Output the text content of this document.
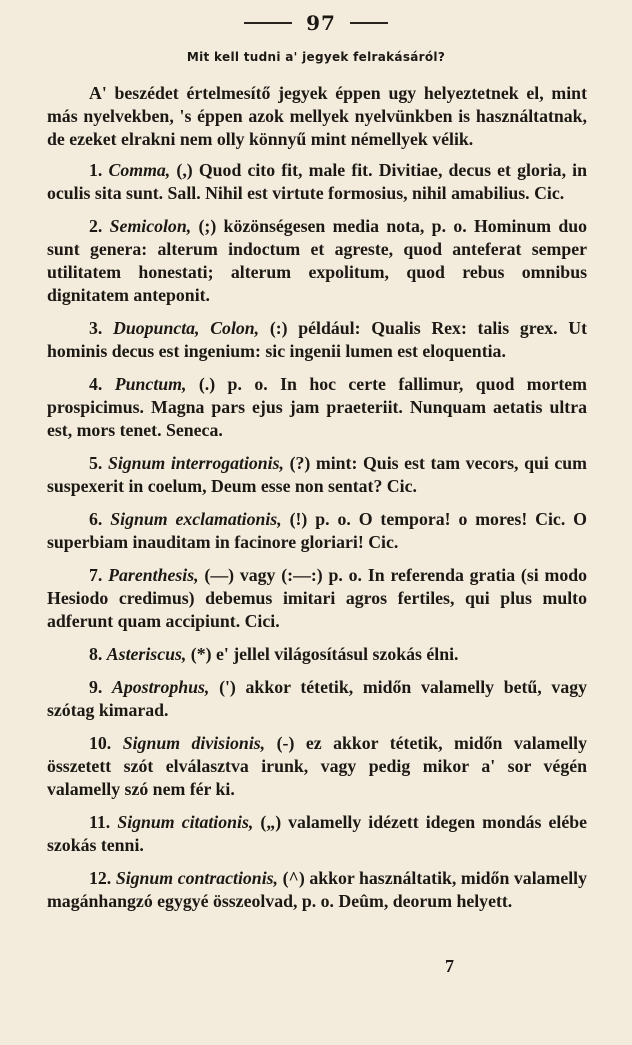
97
Mit kell tudni a' jegyek felrakásáról?

A' beszédet értelmesítő jegyek éppen ugy helyeztetnek el, mint más nyelvekben, 's éppen azok mellyek nyelvünkben is használtatnak, de ezeket elrakni nem olly könnyű mint némellyek vélik.

1. Comma, (,) Quod cito fit, male fit. Divitiae, decus et gloria, in oculis sita sunt. Sall. Nihil est virtute formosius, nihil amabilius. Cic.

2. Semicolon, (;) közönségesen media nota, p. o. Hominum duo sunt genera: alterum indoctum et agreste, quod anteferat semper utilitatem honestati; alterum expolitum, quod rebus omnibus dignitatem anteponit.

3. Duopuncta, Colon, (:) például: Qualis Rex: talis grex. Ut hominis decus est ingenium: sic ingenii lumen est eloquentia.

4. Punctum, (.) p. o. In hoc certe fallimur, quod mortem prospicimus. Magna pars ejus jam praeteriit. Nunquam aetatis ultra est, mors tenet. Seneca.

5. Signum interrogationis, (?) mint: Quis est tam vecors, qui cum suspexerit in coelum, Deum esse non sentat? Cic.

6. Signum exclamationis, (!) p. o. O tempora! o mores! Cic. O superbiam inauditam in facinore gloriari! Cic.

7. Parenthesis, (—) vagy (:—:) p. o. In referenda gratia (si modo Hesiodo credimus) debemus imitari agros fertiles, qui plus multo adferunt quam accipiunt. Cici.

8. Asteriscus, (*) e' jellel világosításul szokás élni.

9. Apostrophus, (') akkor tétetik, midőn valamelly betű, vagy szótag kimarad.

10. Signum divisionis, (-) ez akkor tétetik, midőn valamelly összetett szót elválasztva irunk, vagy pedig mikor a' sor végén valamelly szó nem fér ki.

11. Signum citationis, („) valamelly idézett idegen mondás elébe szokás tenni.

12. Signum contractionis, (^) akkor használtatik, midőn valamelly magánhangzó egygyé összeolvad, p. o. Deûm, deorum helyett.

7
